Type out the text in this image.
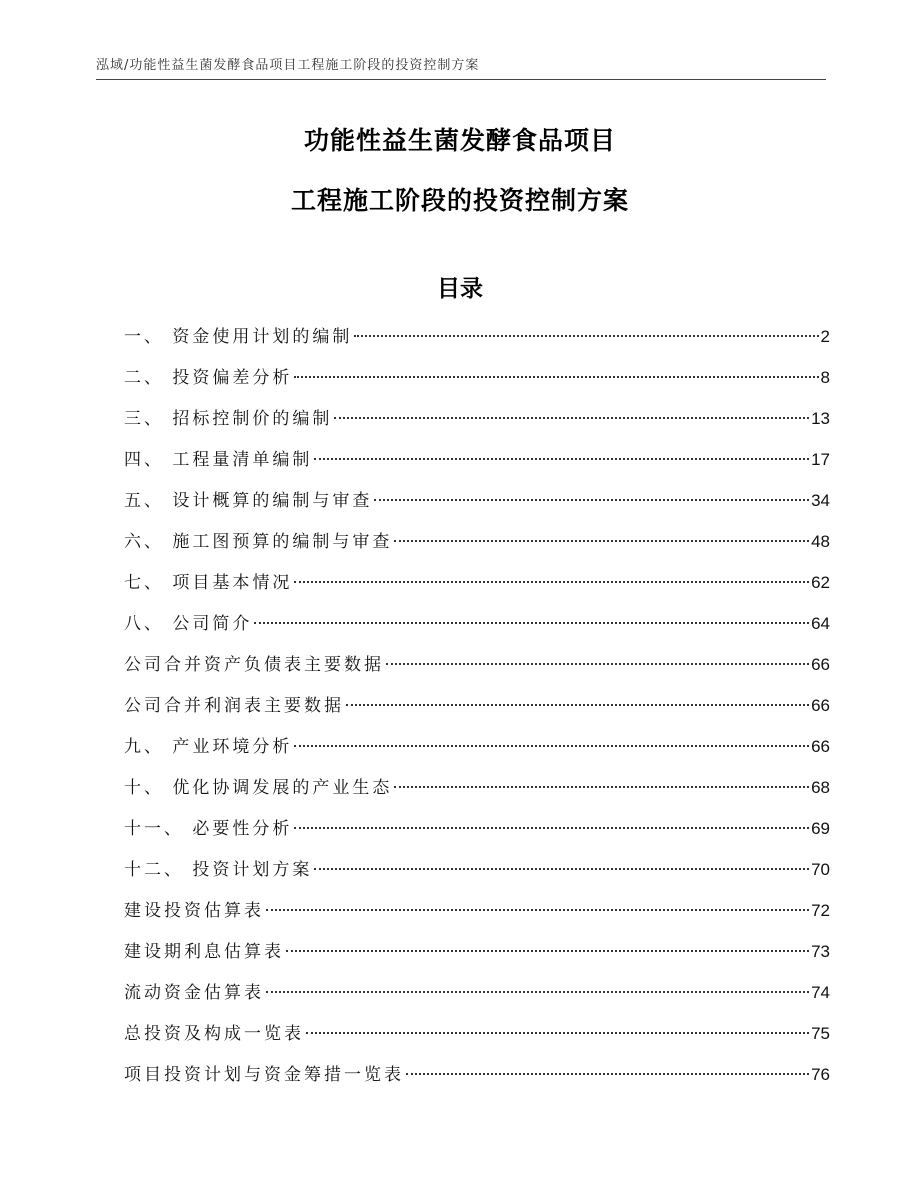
泓域/功能性益生菌发酵食品项目工程施工阶段的投资控制方案
功能性益生菌发酵食品项目
工程施工阶段的投资控制方案
目录
一、 资金使用计划的编制	2
二、 投资偏差分析	8
三、 招标控制价的编制	13
四、 工程量清单编制	17
五、 设计概算的编制与审查	34
六、 施工图预算的编制与审查	48
七、 项目基本情况	62
八、 公司简介	64
公司合并资产负债表主要数据	66
公司合并利润表主要数据	66
九、 产业环境分析	66
十、 优化协调发展的产业生态	68
十一、 必要性分析	69
十二、 投资计划方案	70
建设投资估算表	72
建设期利息估算表	73
流动资金估算表	74
总投资及构成一览表	75
项目投资计划与资金筹措一览表	76
